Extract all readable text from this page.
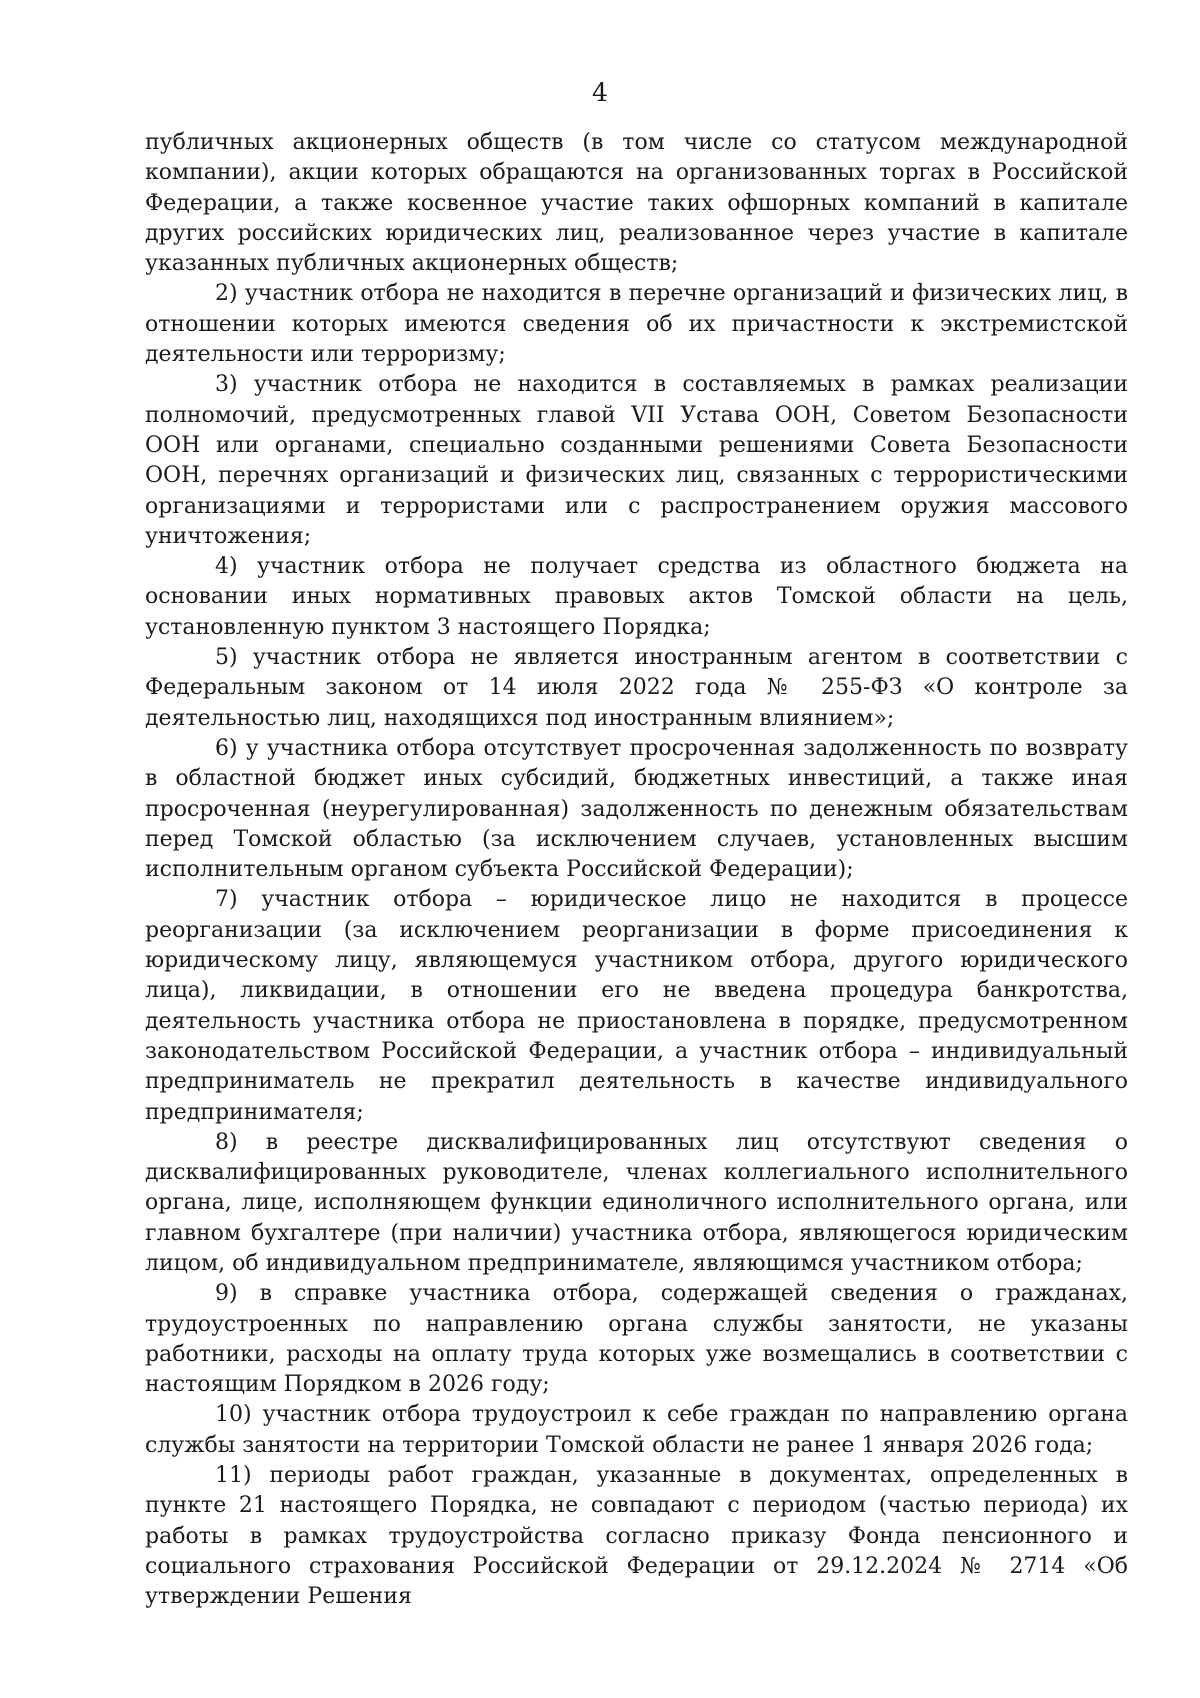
4

публичных акционерных обществ (в том числе со статусом международной компании), акции которых обращаются на организованных торгах в Российской Федерации, а также косвенное участие таких офшорных компаний в капитале других российских юридических лиц, реализованное через участие в капитале указанных публичных акционерных обществ;

2) участник отбора не находится в перечне организаций и физических лиц, в отношении которых имеются сведения об их причастности к экстремистской деятельности или терроризму;

3) участник отбора не находится в составляемых в рамках реализации полномочий, предусмотренных главой VII Устава ООН, Советом Безопасности ООН или органами, специально созданными решениями Совета Безопасности ООН, перечнях организаций и физических лиц, связанных с террористическими организациями и террористами или с распространением оружия массового уничтожения;

4) участник отбора не получает средства из областного бюджета на основании иных нормативных правовых актов Томской области на цель, установленную пунктом 3 настоящего Порядка;

5) участник отбора не является иностранным агентом в соответствии с Федеральным законом от 14 июля 2022 года № 255-ФЗ «О контроле за деятельностью лиц, находящихся под иностранным влиянием»;

6) у участника отбора отсутствует просроченная задолженность по возврату в областной бюджет иных субсидий, бюджетных инвестиций, а также иная просроченная (неурегулированная) задолженность по денежным обязательствам перед Томской областью (за исключением случаев, установленных высшим исполнительным органом субъекта Российской Федерации);

7) участник отбора – юридическое лицо не находится в процессе реорганизации (за исключением реорганизации в форме присоединения к юридическому лицу, являющемуся участником отбора, другого юридического лица), ликвидации, в отношении его не введена процедура банкротства, деятельность участника отбора не приостановлена в порядке, предусмотренном законодательством Российской Федерации, а участник отбора – индивидуальный предприниматель не прекратил деятельность в качестве индивидуального предпринимателя;

8) в реестре дисквалифицированных лиц отсутствуют сведения о дисквалифицированных руководителе, членах коллегиального исполнительного органа, лице, исполняющем функции единоличного исполнительного органа, или главном бухгалтере (при наличии) участника отбора, являющегося юридическим лицом, об индивидуальном предпринимателе, являющимся участником отбора;

9) в справке участника отбора, содержащей сведения о гражданах, трудоустроенных по направлению органа службы занятости, не указаны работники, расходы на оплату труда которых уже возмещались в соответствии с настоящим Порядком в 2026 году;

10) участник отбора трудоустроил к себе граждан по направлению органа службы занятости на территории Томской области не ранее 1 января 2026 года;

11) периоды работ граждан, указанные в документах, определенных в пункте 21 настоящего Порядка, не совпадают с периодом (частью периода) их работы в рамках трудоустройства согласно приказу Фонда пенсионного и социального страхования Российской Федерации от 29.12.2024 № 2714 «Об утверждении Решения
